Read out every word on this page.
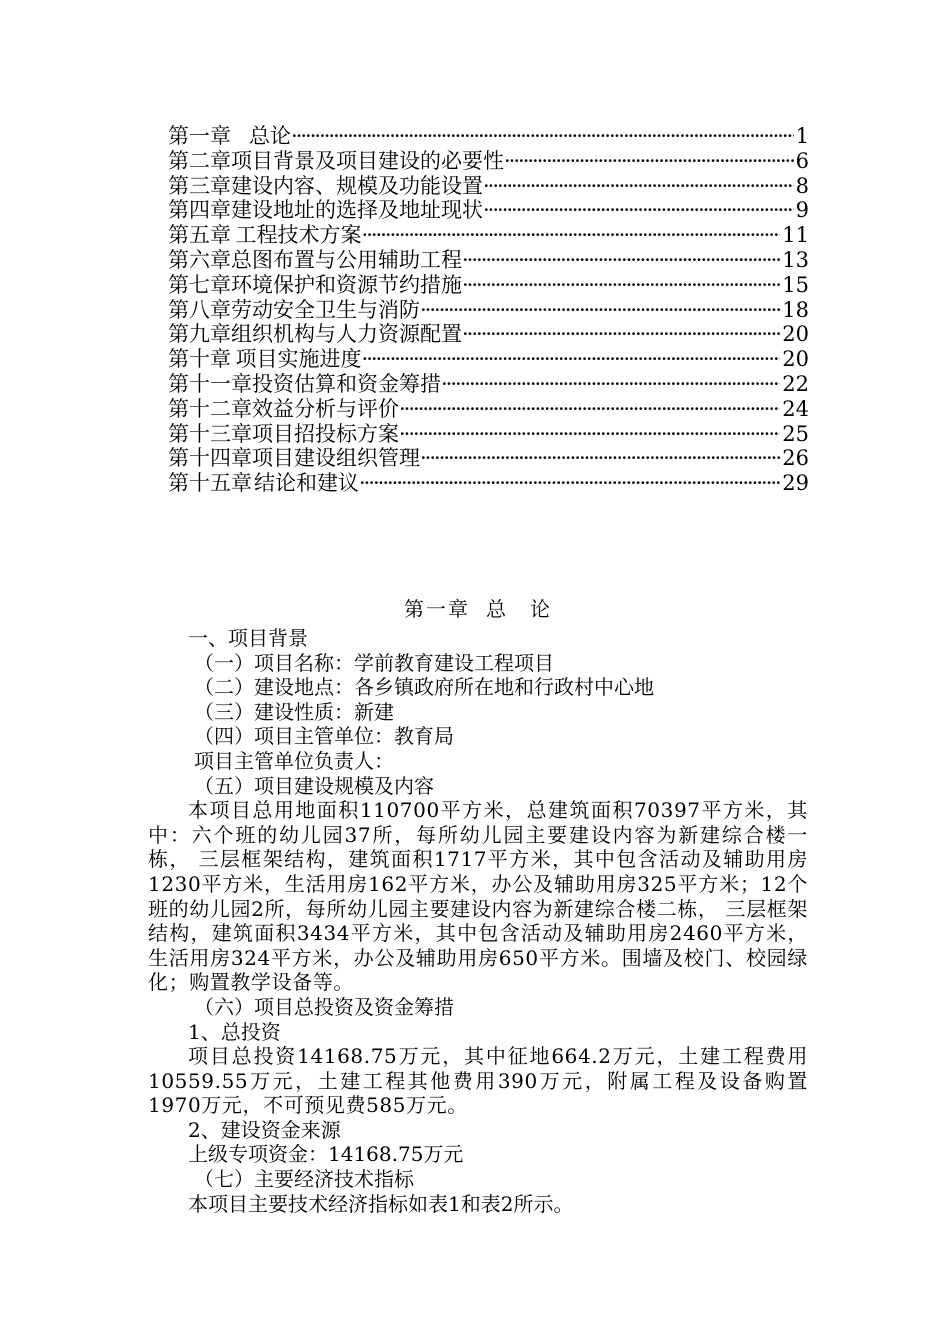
第一章 总论 ·····	1
第二章 项目背景及项目建设的必要性 ·····	6
第三章 建设内容、规模及功能设置 ·····	8
第四章 建设地址的选择及地址现状 ·····	9
第五章 工程技术方案 ·····	11
第六章 总图布置与公用辅助工程 ·····	13
第七章 环境保护和资源节约措施 ·····	15
第八章 劳动安全卫生与消防 ·····	18
第九章 组织机构与人力资源配置 ·····	20
第十章 项目实施进度 ·····	20
第十一章 投资估算和资金筹措 ·····	22
第十二章 效益分析与评价 ·····	24
第十三章 项目招投标方案 ·····	25
第十四章 项目建设组织管理 ·····	26
第十五章 结论和建议 ·····	29
第一章 总　论
一、项目背景
（一）项目名称：学前教育建设工程项目
（二）建设地点：各乡镇政府所在地和行政村中心地
（三）建设性质：新建
（四）项目主管单位：教育局
项目主管单位负责人：
（五）项目建设规模及内容
本项目总用地面积110700平方米，总建筑面积70397平方米，其中：六个班的幼儿园37所，每所幼儿园主要建设内容为新建综合楼一栋， 三层框架结构，建筑面积1717平方米，其中包含活动及辅助用房1230平方米，生活用房162平方米，办公及辅助用房325平方米；12个班的幼儿园2所，每所幼儿园主要建设内容为新建综合楼二栋， 三层框架结构，建筑面积3434平方米，其中包含活动及辅助用房2460平方米，生活用房324平方米，办公及辅助用房650平方米。围墙及校门、校园绿化；购置教学设备等。
（六）项目总投资及资金筹措
1、总投资
项目总投资14168.75万元，其中征地664.2万元，土建工程费用10559.55万元，土建工程其他费用390万元，附属工程及设备购置1970万元，不可预见费585万元。
2、建设资金来源
上级专项资金：14168.75万元
（七）主要经济技术指标
本项目主要技术经济指标如表1和表2所示。
